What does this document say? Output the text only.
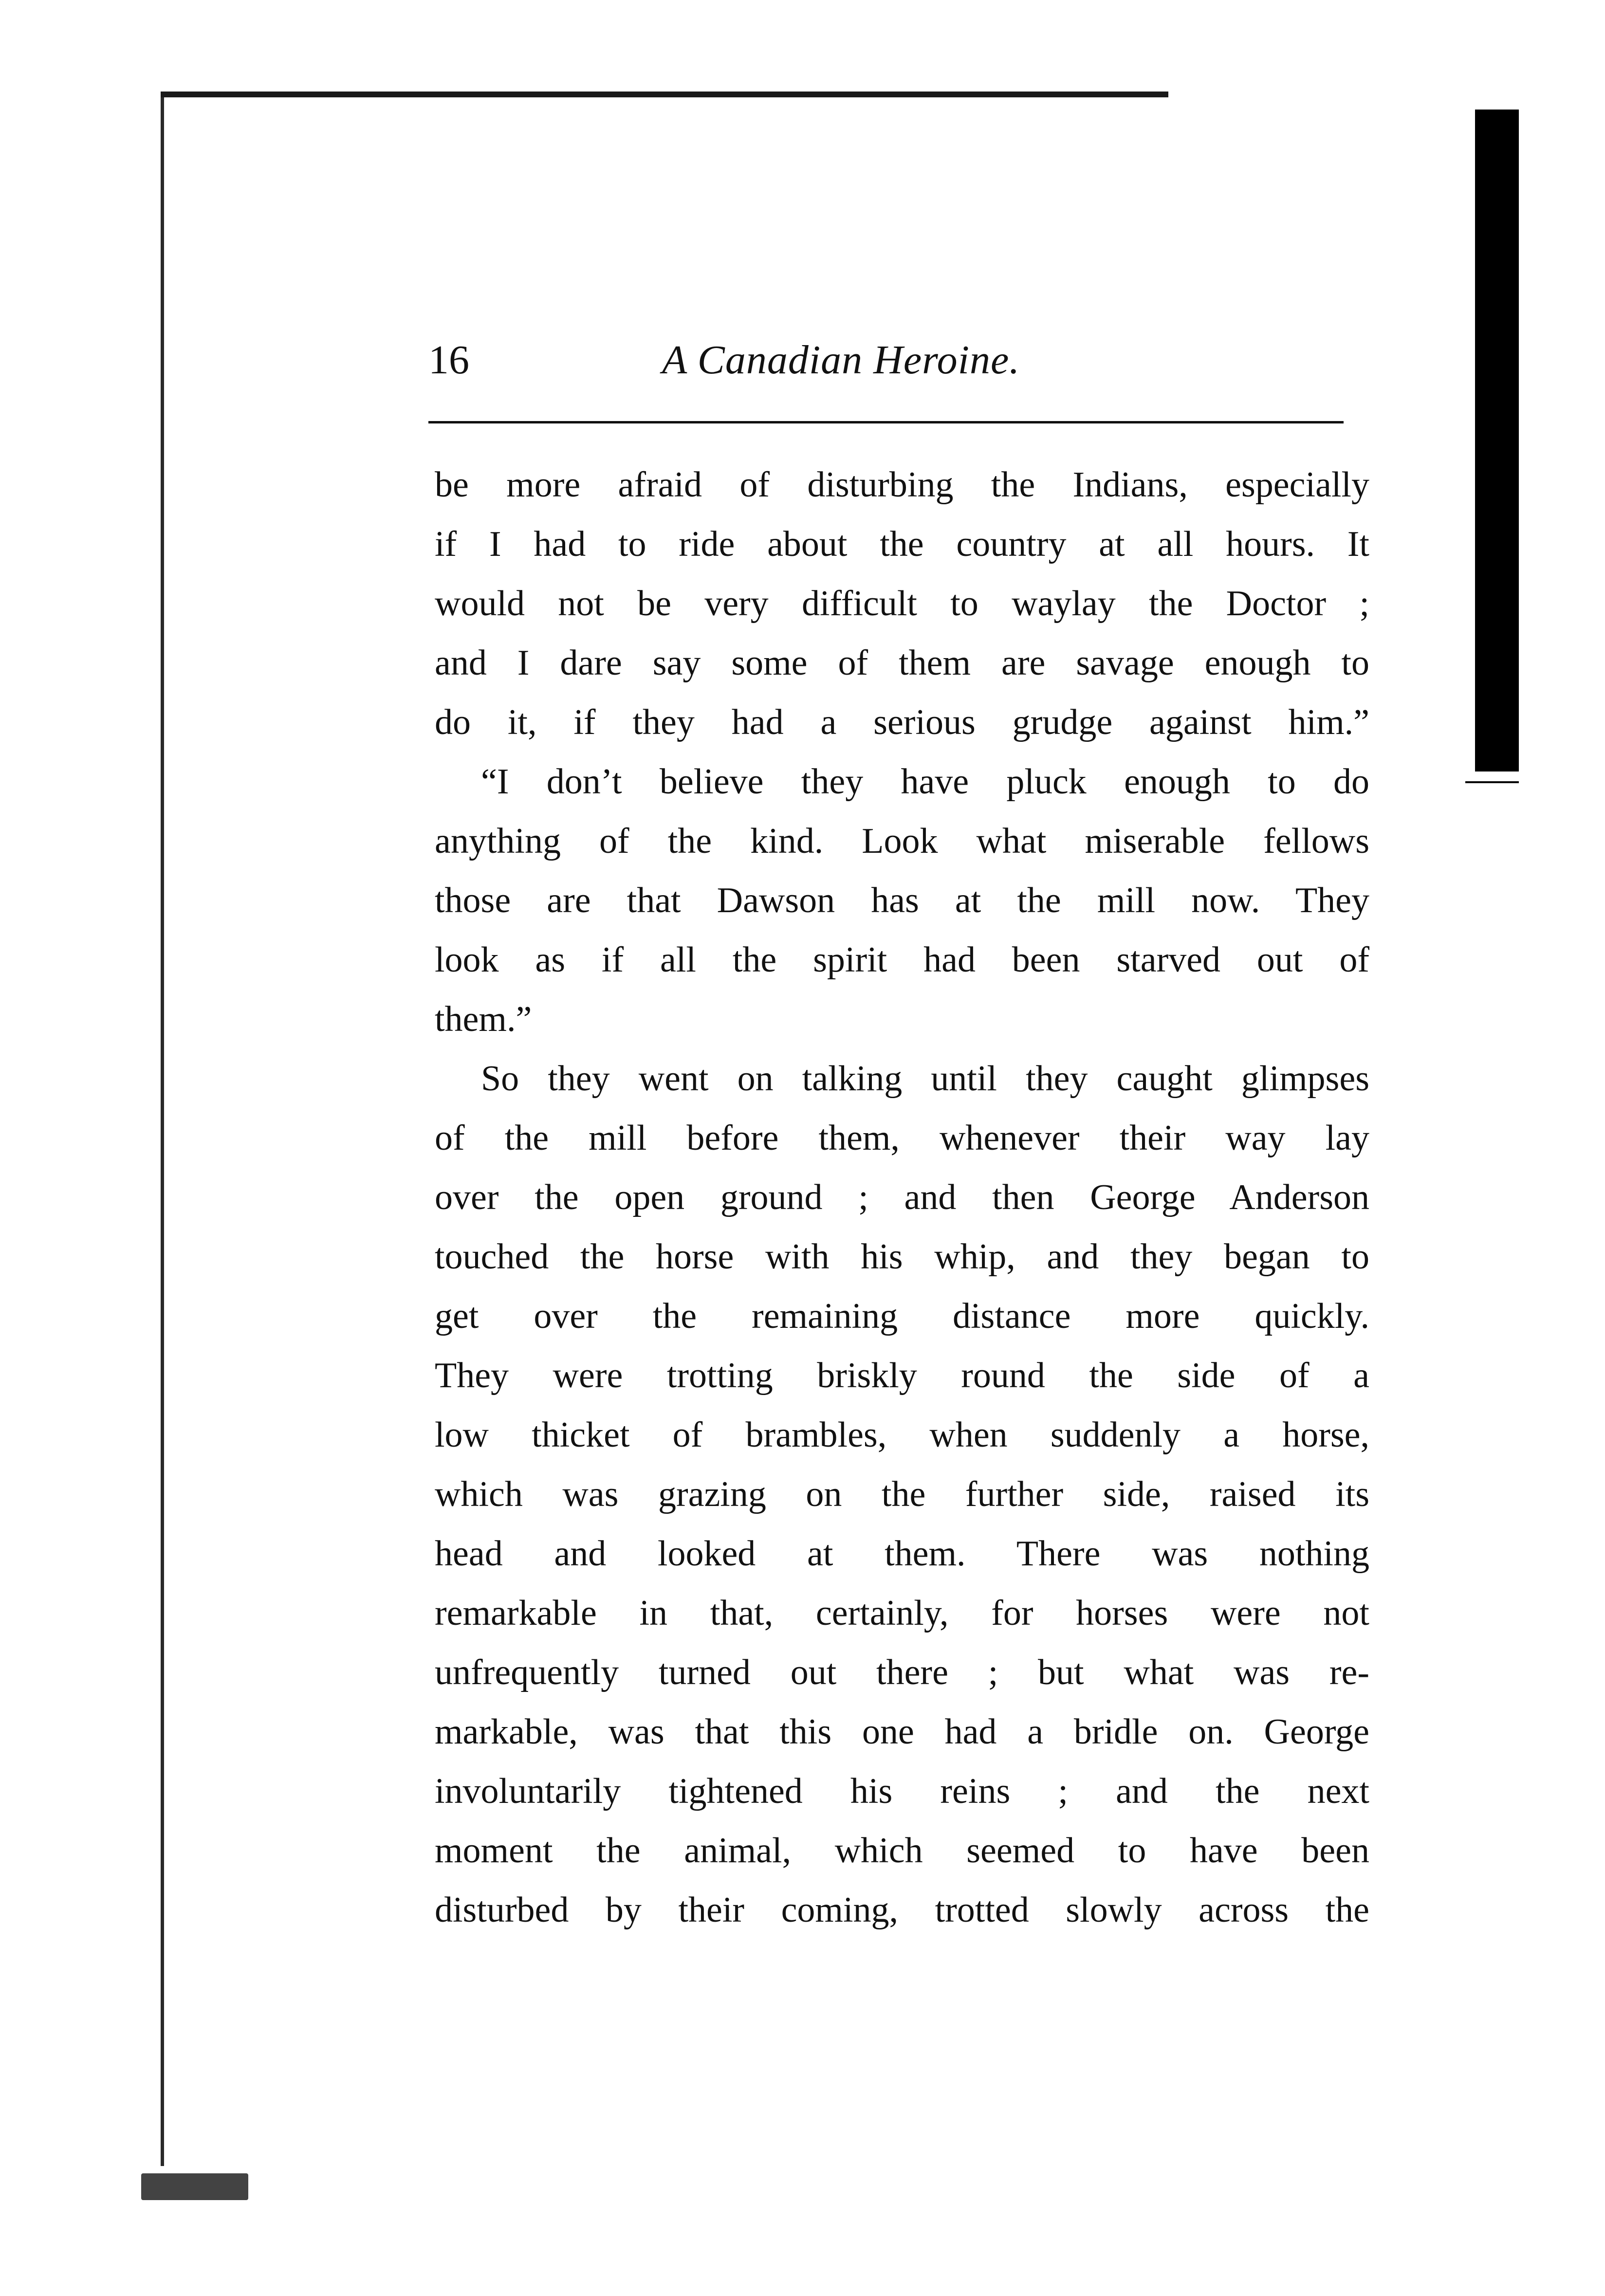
16	A Canadian Heroine.
be more afraid of disturbing the Indians, especially
if I had to ride about the country at all hours. It
would not be very difficult to waylay the Doctor ;
and I dare say some of them are savage enough to
do it, if they had a serious grudge against him.”
“I don’t believe they have pluck enough to do
anything of the kind. Look what miserable fellows
those are that Dawson has at the mill now. They
look as if all the spirit had been starved out of
them.”
So they went on talking until they caught glimpses
of the mill before them, whenever their way lay
over the open ground ; and then George Anderson
touched the horse with his whip, and they began to
get over the remaining distance more quickly.
They were trotting briskly round the side of a
low thicket of brambles, when suddenly a horse,
which was grazing on the further side, raised its
head and looked at them. There was nothing
remarkable in that, certainly, for horses were not
unfrequently turned out there ; but what was re-
markable, was that this one had a bridle on. George
involuntarily tightened his reins ; and the next
moment the animal, which seemed to have been
disturbed by their coming, trotted slowly across the
